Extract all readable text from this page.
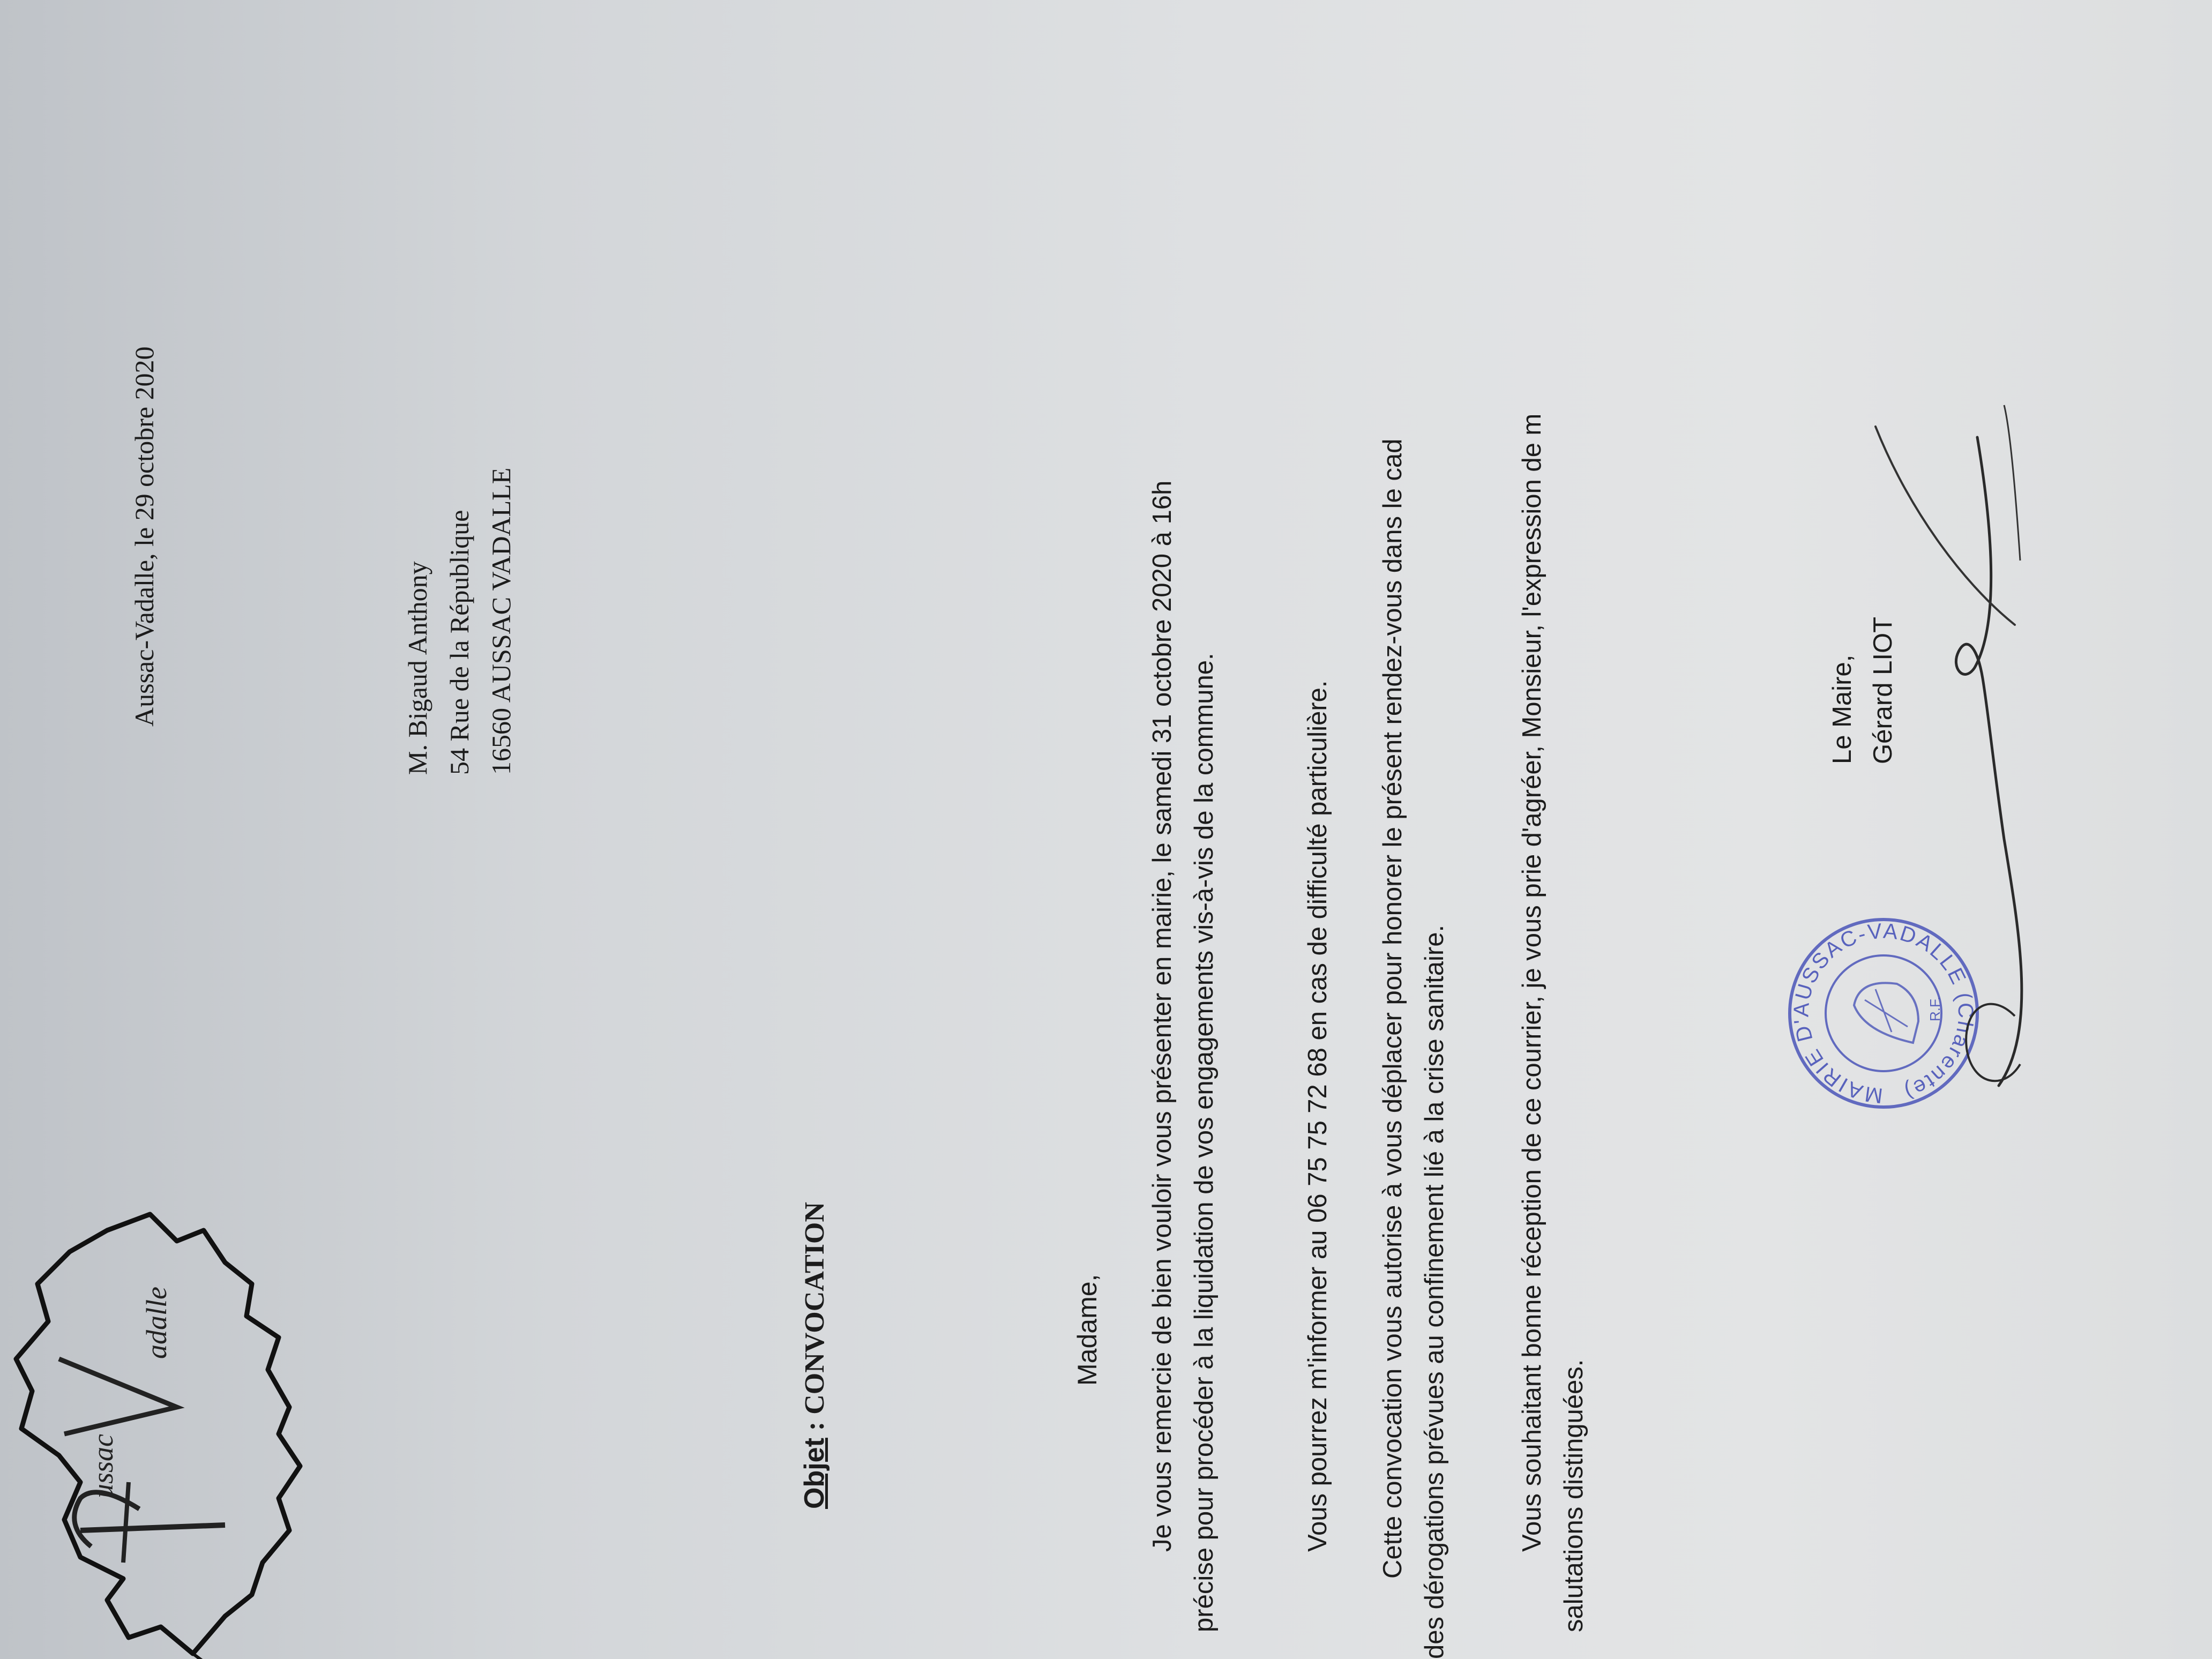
ussac
adalle
Aussac-Vadalle, le 29 octobre 2020	M. Bigaud Anthony 54 Rue de la République 16560 AUSSAC VADALLE
Objet : CONVOCATION	Madame, Je vous remercie de bien vouloir vous présenter en mairie, le samedi 31 octobre 2020 à 16h précise pour procéder à la liquidation de vos engagements vis-à-vis de la commune.	Vous pourrez m'informer au 06 75 75 72 68 en cas de difficulté particulière. Cette convocation vous autorise à vous déplacer pour honorer le présent rendez-vous dans le cad des dérogations prévues au confinement lié à la crise sanitaire.	Vous souhaitant bonne réception de ce courrier, je vous prie d'agréer, Monsieur, l'expression de m salutations distinguées.
Le Maire, Gérard LIOT
MAIRIE D'AUSSAC-VADALLE (Charente)
R.F.
